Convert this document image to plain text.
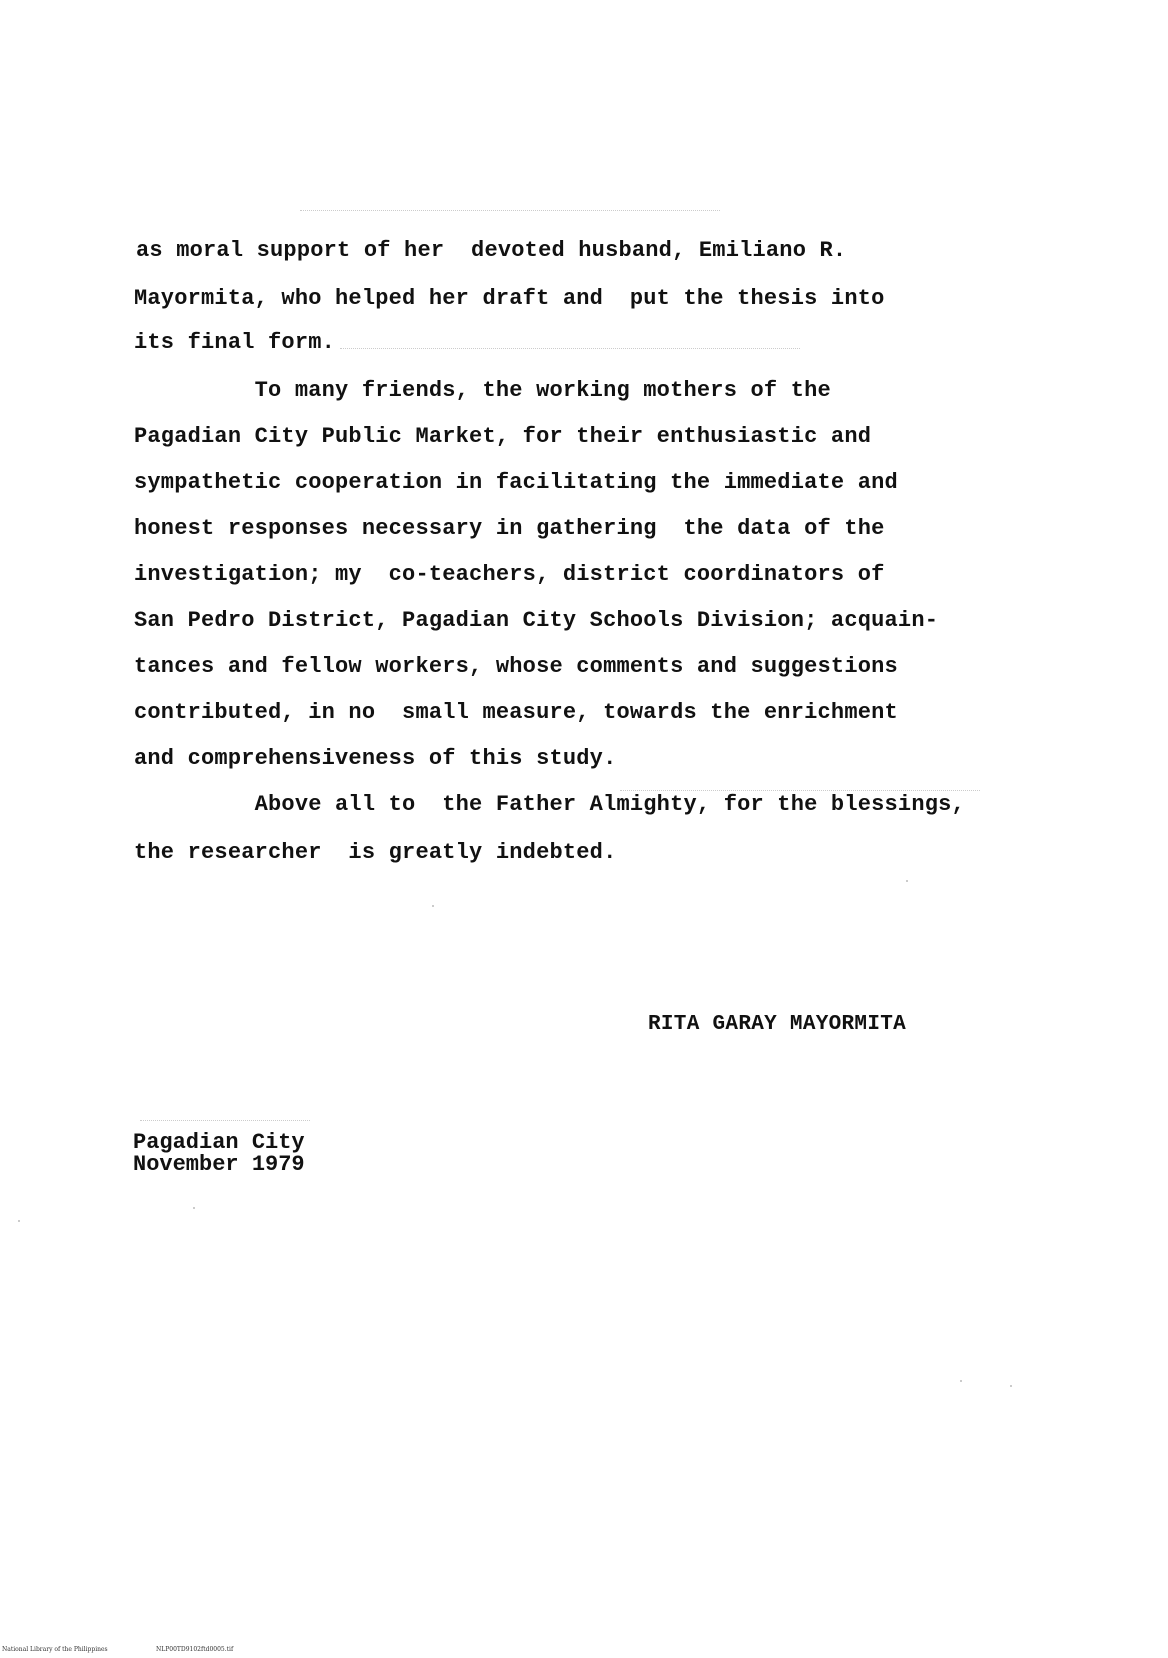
as moral support of her  devoted husband, Emiliano R.
Mayormita, who helped her draft and  put the thesis into
its final form.
To many friends, the working mothers of the
Pagadian City Public Market, for their enthusiastic and
sympathetic cooperation in facilitating the immediate and
honest responses necessary in gathering  the data of the
investigation; my  co-teachers, district coordinators of
San Pedro District, Pagadian City Schools Division; acquain-
tances and fellow workers, whose comments and suggestions
contributed, in no  small measure, towards the enrichment
and comprehensiveness of this study.
Above all to  the Father Almighty, for the blessings,
the researcher  is greatly indebted.
RITA GARAY MAYORMITA
Pagadian City
November 1979
National Library of the Philippines	NLP00TD9102ftd0005.tif
